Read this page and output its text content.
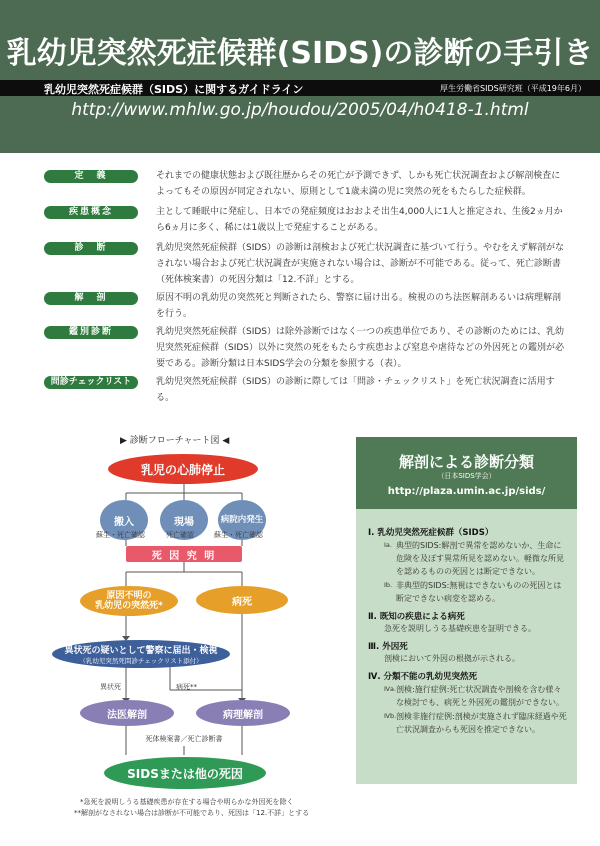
乳幼児突然死症候群(SIDS)の診断の手引き
乳幼児突然死症候群（SIDS）に関するガイドライン	厚生労働省SIDS研究班（平成19年6月）
http://www.mhlw.go.jp/houdou/2005/04/h0418-1.html
定　義	それまでの健康状態および既往歴からその死亡が予測できず、しかも死亡状況調査および解剖検査によってもその原因が同定されない、原則として1歳未満の児に突然の死をもたらした症候群。
疾患概念	主として睡眠中に発症し、日本での発症頻度はおおよそ出生4,000人に1人と推定され、生後2ヵ月から6ヵ月に多く、稀には1歳以上で発症することがある。
診　断	乳幼児突然死症候群（SIDS）の診断は剖検および死亡状況調査に基づいて行う。やむをえず解剖がなされない場合および死亡状況調査が実施されない場合は、診断が不可能である。従って、死亡診断書（死体検案書）の死因分類は「12.不詳」とする。
解　剖	原因不明の乳幼児の突然死と判断されたら、警察に届け出る。検視ののち法医解剖あるいは病理解剖を行う。
鑑別診断	乳幼児突然死症候群（SIDS）は除外診断ではなく一つの疾患単位であり、その診断のためには、乳幼児突然死症候群（SIDS）以外に突然の死をもたらす疾患および窒息や虐待などの外因死との鑑別が必要である。診断分類は日本SIDS学会の分類を参照する（表）。
問診チェックリスト	乳幼児突然死症候群（SIDS）の診断に際しては「問診・チェックリスト」を死亡状況調査に活用する。
▶ 診断フローチャート図 ◀
乳児の心肺停止
搬入	現場	病院内発生
蘇生・死亡確認	死亡確認	蘇生・死亡確認
死 因 究 明
原因不明の
乳幼児の突然死*	病死
異状死の疑いとして警察に届出・検視
（乳幼児突然死問診チェックリスト添付）
異状死	病死**
法医解剖	病理解剖
死体検案書／死亡診断書
SIDSまたは他の死因
*急死を説明しうる基礎疾患が存在する場合や明らかな外因死を除く
**解剖がなされない場合は診断が不可能であり、死因は「12.不詳」とする
解剖による診断分類
（日本SIDS学会）
http://plaza.umin.ac.jp/sids/
Ⅰ. 乳幼児突然死症候群（SIDS）
Ia. 典型的SIDS:解剖で異常を認めないか、生命に危険を及ぼす異常所見を認めない。軽微な所見を認めるものの死因とは断定できない。
Ib. 非典型的SIDS:無視はできないものの死因とは断定できない病変を認める。
Ⅱ. 既知の疾患による病死
急死を説明しうる基礎疾患を証明できる。
Ⅲ. 外因死
剖検において外因の根拠が示される。
Ⅳ. 分類不能の乳幼児突然死
Ⅳa. 剖検:施行症例:死亡状況調査や剖検を含む様々な検討でも、病死と外因死の鑑別ができない。
Ⅳb. 剖検非施行症例:剖検が実施されず臨床経過や死亡状況調査からも死因を推定できない。
